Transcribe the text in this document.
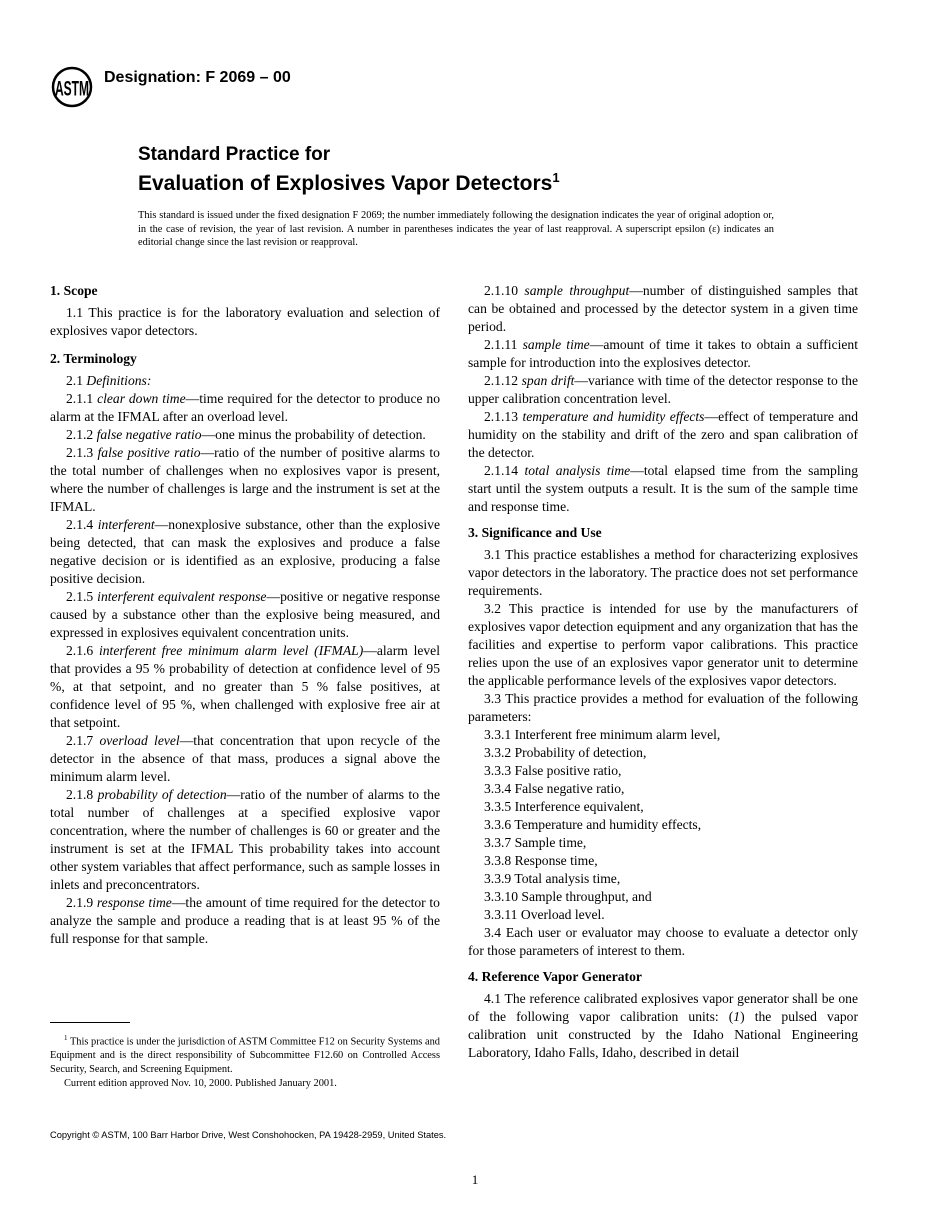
ASTM Designation: F 2069 – 00
Standard Practice for
Evaluation of Explosives Vapor Detectors$^1$
This standard is issued under the fixed designation F 2069; the number immediately following the designation indicates the year of original adoption or, in the case of revision, the year of last revision. A number in parentheses indicates the year of last reapproval. A superscript epsilon (ε) indicates an editorial change since the last revision or reapproval.
1. Scope

1.1 This practice is for the laboratory evaluation and selection of explosives vapor detectors.

2. Terminology

2.1 Definitions:

2.1.1 clear down time—time required for the detector to produce no alarm at the IFMAL after an overload level.

2.1.2 false negative ratio—one minus the probability of detection.

2.1.3 false positive ratio—ratio of the number of positive alarms to the total number of challenges when no explosives vapor is present, where the number of challenges is large and the instrument is set at the IFMAL.

2.1.4 interferent—nonexplosive substance, other than the explosive being detected, that can mask the explosives and produce a false negative decision or is identified as an explosive, producing a false positive decision.

2.1.5 interferent equivalent response—positive or negative response caused by a substance other than the explosive being measured, and expressed in explosives equivalent concentration units.

2.1.6 interferent free minimum alarm level (IFMAL)—alarm level that provides a 95 % probability of detection at confidence level of 95 %, at that setpoint, and no greater than 5 % false positives, at confidence level of 95 %, when challenged with explosive free air at that setpoint.

2.1.7 overload level—that concentration that upon recycle of the detector in the absence of that mass, produces a signal above the minimum alarm level.

2.1.8 probability of detection—ratio of the number of alarms to the total number of challenges at a specified explosive vapor concentration, where the number of challenges is 60 or greater and the instrument is set at the IFMAL This probability takes into account other system variables that affect performance, such as sample losses in inlets and preconcentrators.

2.1.9 response time—the amount of time required for the detector to analyze the sample and produce a reading that is at least 95 % of the full response for that sample.

2.1.10 sample throughput—number of distinguished samples that can be obtained and processed by the detector system in a given time period.

2.1.11 sample time—amount of time it takes to obtain a sufficient sample for introduction into the explosives detector.

2.1.12 span drift—variance with time of the detector response to the upper calibration concentration level.

2.1.13 temperature and humidity effects—effect of temperature and humidity on the stability and drift of the zero and span calibration of the detector.

2.1.14 total analysis time—total elapsed time from the sampling start until the system outputs a result. It is the sum of the sample time and response time.

3. Significance and Use

3.1 This practice establishes a method for characterizing explosives vapor detectors in the laboratory. The practice does not set performance requirements.

3.2 This practice is intended for use by the manufacturers of explosives vapor detection equipment and any organization that has the facilities and expertise to perform vapor calibrations. This practice relies upon the use of an explosives vapor generator unit to determine the applicable performance levels of the explosives vapor detectors.

3.3 This practice provides a method for evaluation of the following parameters:

3.3.1 Interferent free minimum alarm level,

3.3.2 Probability of detection,

3.3.3 False positive ratio,

3.3.4 False negative ratio,

3.3.5 Interference equivalent,

3.3.6 Temperature and humidity effects,

3.3.7 Sample time,

3.3.8 Response time,

3.3.9 Total analysis time,

3.3.10 Sample throughput, and

3.3.11 Overload level.

3.4 Each user or evaluator may choose to evaluate a detector only for those parameters of interest to them.

4. Reference Vapor Generator

4.1 The reference calibrated explosives vapor generator shall be one of the following vapor calibration units: (1) the pulsed vapor calibration unit constructed by the Idaho National Engineering Laboratory, Idaho Falls, Idaho, described in detail

$^1$ This practice is under the jurisdiction of ASTM Committee F12 on Security Systems and Equipment and is the direct responsibility of Subcommittee F12.60 on Controlled Access Security, Search, and Screening Equipment.

Current edition approved Nov. 10, 2000. Published January 2001.

Copyright © ASTM, 100 Barr Harbor Drive, West Conshohocken, PA 19428-2959, United States.
1
